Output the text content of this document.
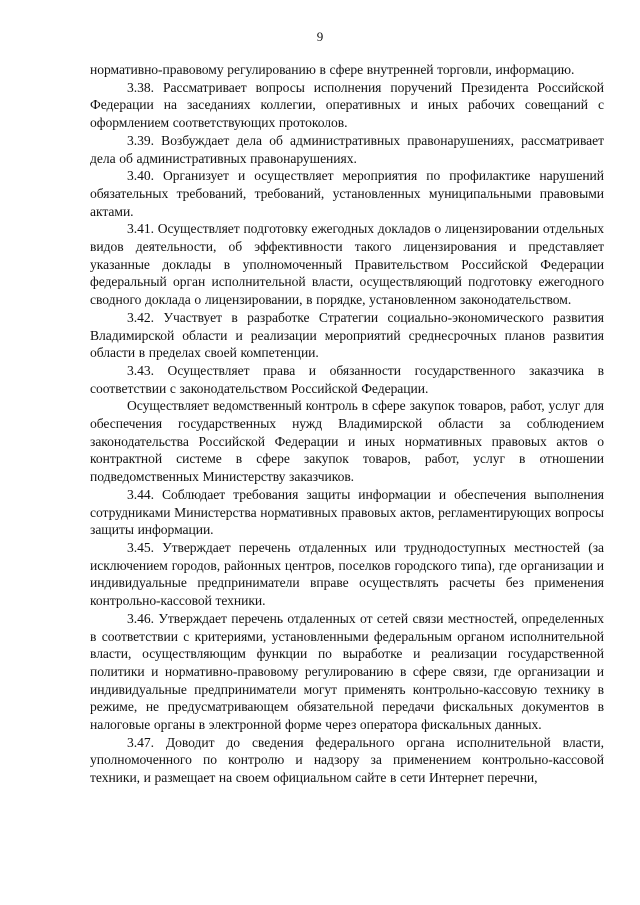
9

нормативно-правовому регулированию в сфере внутренней торговли, информацию.

3.38. Рассматривает вопросы исполнения поручений Президента Российской Федерации на заседаниях коллегии, оперативных и иных рабочих совещаний с оформлением соответствующих протоколов.

3.39. Возбуждает дела об административных правонарушениях, рассматривает дела об административных правонарушениях.

3.40. Организует и осуществляет мероприятия по профилактике нарушений обязательных требований, требований, установленных муниципальными правовыми актами.

3.41. Осуществляет подготовку ежегодных докладов о лицензировании отдельных видов деятельности, об эффективности такого лицензирования и представляет указанные доклады в уполномоченный Правительством Российской Федерации федеральный орган исполнительной власти, осуществляющий подготовку ежегодного сводного доклада о лицензировании, в порядке, установленном законодательством.

3.42. Участвует в разработке Стратегии социально-экономического развития Владимирской области и реализации мероприятий среднесрочных планов развития области в пределах своей компетенции.

3.43. Осуществляет права и обязанности государственного заказчика в соответствии с законодательством Российской Федерации.

Осуществляет ведомственный контроль в сфере закупок товаров, работ, услуг для обеспечения государственных нужд Владимирской области за соблюдением законодательства Российской Федерации и иных нормативных правовых актов о контрактной системе в сфере закупок товаров, работ, услуг в отношении подведомственных Министерству заказчиков.

3.44. Соблюдает требования защиты информации и обеспечения выполнения сотрудниками Министерства нормативных правовых актов, регламентирующих вопросы защиты информации.

3.45. Утверждает перечень отдаленных или труднодоступных местностей (за исключением городов, районных центров, поселков городского типа), где организации и индивидуальные предприниматели вправе осуществлять расчеты без применения контрольно-кассовой техники.

3.46. Утверждает перечень отдаленных от сетей связи местностей, определенных в соответствии с критериями, установленными федеральным органом исполнительной власти, осуществляющим функции по выработке и реализации государственной политики и нормативно-правовому регулированию в сфере связи, где организации и индивидуальные предприниматели могут применять контрольно-кассовую технику в режиме, не предусматривающем обязательной передачи фискальных документов в налоговые органы в электронной форме через оператора фискальных данных.

3.47. Доводит до сведения федерального органа исполнительной власти, уполномоченного по контролю и надзору за применением контрольно-кассовой техники, и размещает на своем официальном сайте в сети Интернет перечни,
